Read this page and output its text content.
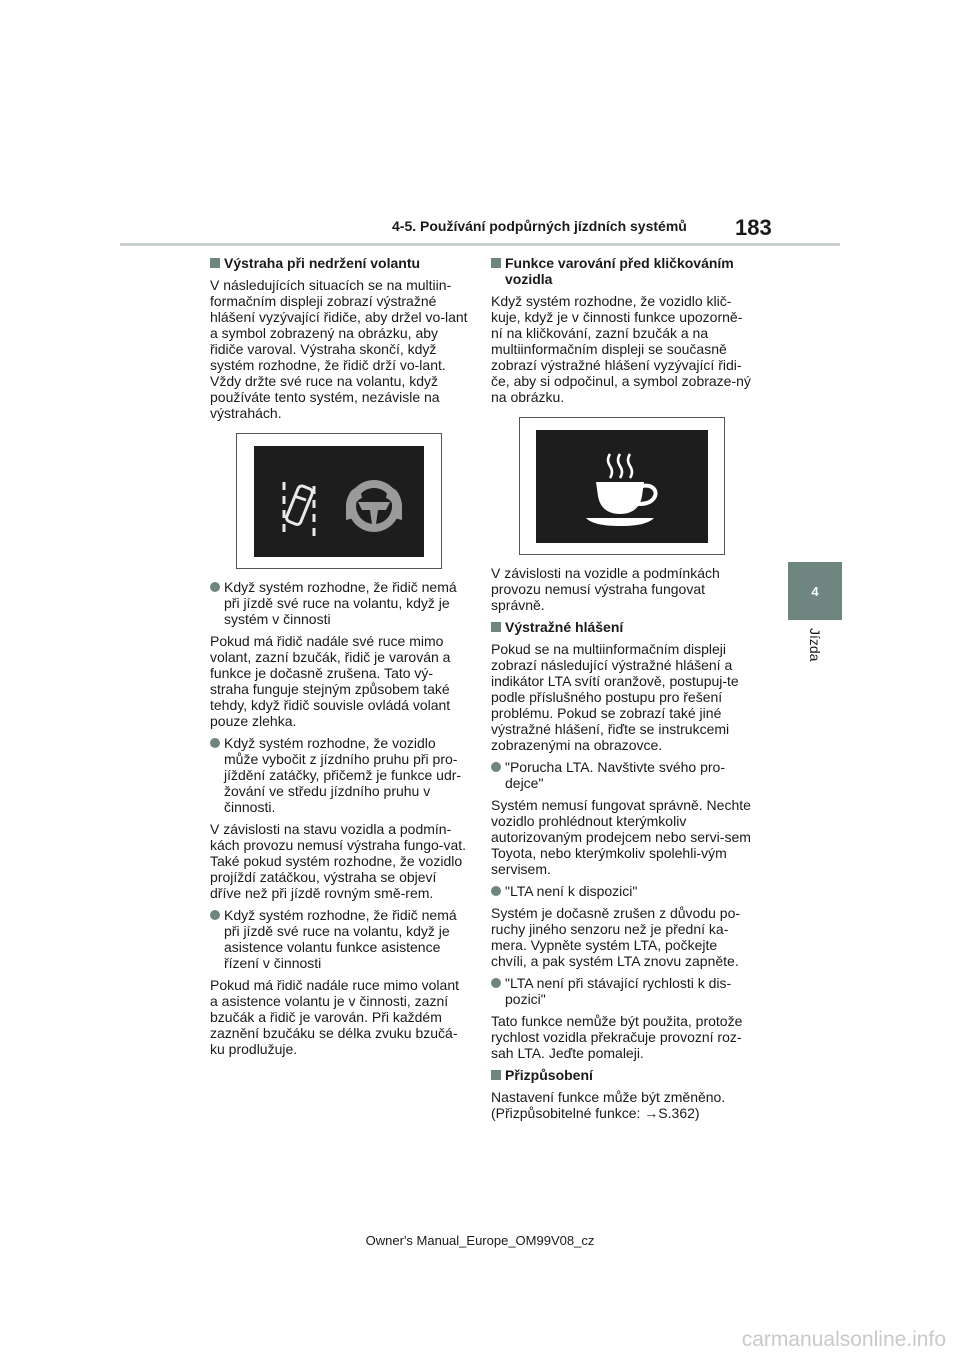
4-5. Používání podpůrných jízdních systémů 183
4
Jízda
Výstraha při nedržení volantu
V následujících situacích se na multiin-formačním displeji zobrazí výstražné hlášení vyzývající řidiče, aby držel vo-lant a symbol zobrazený na obrázku, aby řidiče varoval. Výstraha skončí, když systém rozhodne, že řidič drží vo-lant. Vždy držte své ruce na volantu, když používáte tento systém, nezávisle na výstrahách.
Když systém rozhodne, že řidič nemá při jízdě své ruce na volantu, když je systém v činnosti
Pokud má řidič nadále své ruce mimo volant, zazní bzučák, řidič je varován a funkce je dočasně zrušena. Tato vý-straha funguje stejným způsobem také tehdy, když řidič souvisle ovládá volant pouze zlehka.
Když systém rozhodne, že vozidlo může vybočit z jízdního pruhu při pro-jíždění zatáčky, přičemž je funkce udr-žování ve středu jízdního pruhu v činnosti.
V závislosti na stavu vozidla a podmín-kách provozu nemusí výstraha fungo-vat. Také pokud systém rozhodne, že vozidlo projíždí zatáčkou, výstraha se objeví dříve než při jízdě rovným smě-rem.
Když systém rozhodne, že řidič nemá při jízdě své ruce na volantu, když je asistence volantu funkce asistence řízení v činnosti
Pokud má řidič nadále ruce mimo volant a asistence volantu je v činnosti, zazní bzučák a řidič je varován. Při každém zaznění bzučáku se délka zvuku bzučá-ku prodlužuje.
Funkce varování před kličkováním vozidla
Když systém rozhodne, že vozidlo klič-kuje, když je v činnosti funkce upozorně-ní na kličkování, zazní bzučák a na multiinformačním displeji se současně zobrazí výstražné hlášení vyzývající řidi-če, aby si odpočinul, a symbol zobraze-ný na obrázku.
V závislosti na vozidle a podmínkách provozu nemusí výstraha fungovat správně.
Výstražné hlášení
Pokud se na multiinformačním displeji zobrazí následující výstražné hlášení a indikátor LTA svítí oranžově, postupuj-te podle příslušného postupu pro řešení problému. Pokud se zobrazí také jiné výstražné hlášení, řiďte se instrukcemi zobrazenými na obrazovce.
"Porucha LTA. Navštivte svého pro-dejce"
Systém nemusí fungovat správně. Nechte vozidlo prohlédnout kterýmkoliv autorizovaným prodejcem nebo servi-sem Toyota, nebo kterýmkoliv spolehli-vým servisem.
"LTA není k dispozici"
Systém je dočasně zrušen z důvodu po-ruchy jiného senzoru než je přední ka-mera. Vypněte systém LTA, počkejte chvíli, a pak systém LTA znovu zapněte.
"LTA není při stávající rychlosti k dis-pozici"
Tato funkce nemůže být použita, protože rychlost vozidla překračuje provozní roz-sah LTA. Jeďte pomaleji.
Přizpůsobení
Nastavení funkce může být změněno. (Přizpůsobitelné funkce: →S.362)
Owner's Manual_Europe_OM99V08_cz
carmanualsonline.info
